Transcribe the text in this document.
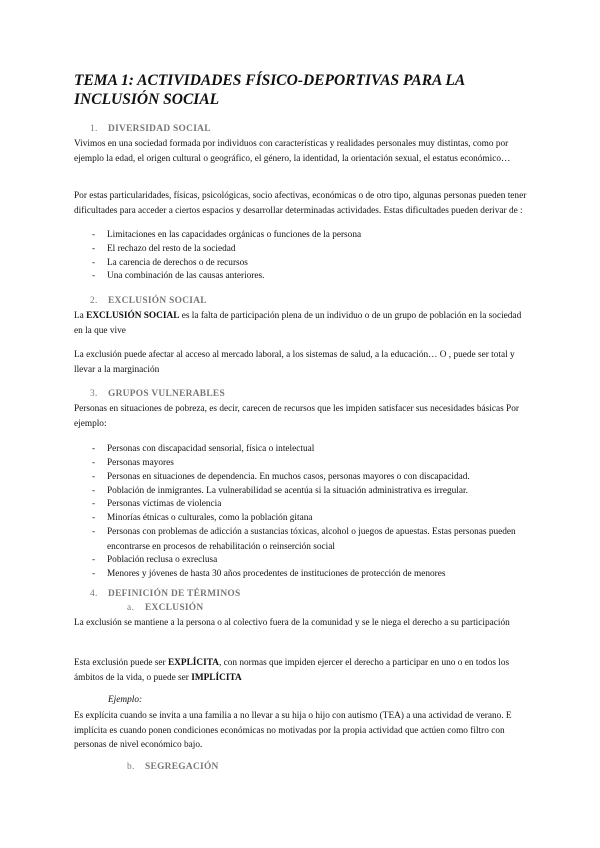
TEMA 1: ACTIVIDADES FÍSICO-DEPORTIVAS PARA LA INCLUSIÓN SOCIAL
1. DIVERSIDAD SOCIAL
Vivimos en una sociedad formada por individuos con características y realidades personales muy distintas, como por ejemplo la edad, el origen cultural o geográfico, el género, la identidad, la orientación sexual, el estatus económico…
Por estas particularidades, físicas, psicológicas, socio afectivas, económicas o de otro tipo, algunas personas pueden tener dificultades para acceder a ciertos espacios y desarrollar determinadas actividades. Estas dificultades pueden derivar de :
-	Limitaciones en las capacidades orgánicas o funciones de la persona
-	El rechazo del resto de la sociedad
-	La carencia de derechos o de recursos
-	Una combinación de las causas anteriores.
2. EXCLUSIÓN SOCIAL
La EXCLUSIÓN SOCIAL es la falta de participación plena de un individuo o de un grupo de población en la sociedad en la que vive
La exclusión puede afectar al acceso al mercado laboral, a los sistemas de salud, a la educación… O , puede ser total y llevar a la marginación
3. GRUPOS VULNERABLES
Personas en situaciones de pobreza, es decir, carecen de recursos que les impiden satisfacer sus necesidades básicas Por ejemplo:
-	Personas con discapacidad sensorial, física o intelectual
-	Personas mayores
-	Personas en situaciones de dependencia. En muchos casos, personas mayores o con discapacidad.
-	Población de inmigrantes. La vulnerabilidad se acentúa si la situación administrativa es irregular.
-	Personas víctimas de violencia
-	Minorías étnicas o culturales, como la población gitana
-	Personas con problemas de adicción a sustancias tóxicas, alcohol o juegos de apuestas. Estas personas pueden encontrarse en procesos de rehabilitación o reinserción social
-	Población reclusa o exreclusa
-	Menores y jóvenes de hasta 30 años procedentes de instituciones de protección de menores
4. DEFINICIÓN DE TÉRMINOS
a. EXCLUSIÓN
La exclusión se mantiene a la persona o al colectivo fuera de la comunidad y se le niega el derecho a su participación
Esta exclusión puede ser EXPLÍCITA, con normas que impiden ejercer el derecho a participar en uno o en todos los ámbitos de la vida, o puede ser IMPLÍCITA
Ejemplo:
Es explícita cuando se invita a una familia a no llevar a su hija o hijo con autismo (TEA) a una actividad de verano. E implícita es cuando ponen condiciones económicas no motivadas por la propia actividad que actúen como filtro con personas de nivel económico bajo.
b. SEGREGACIÓN
